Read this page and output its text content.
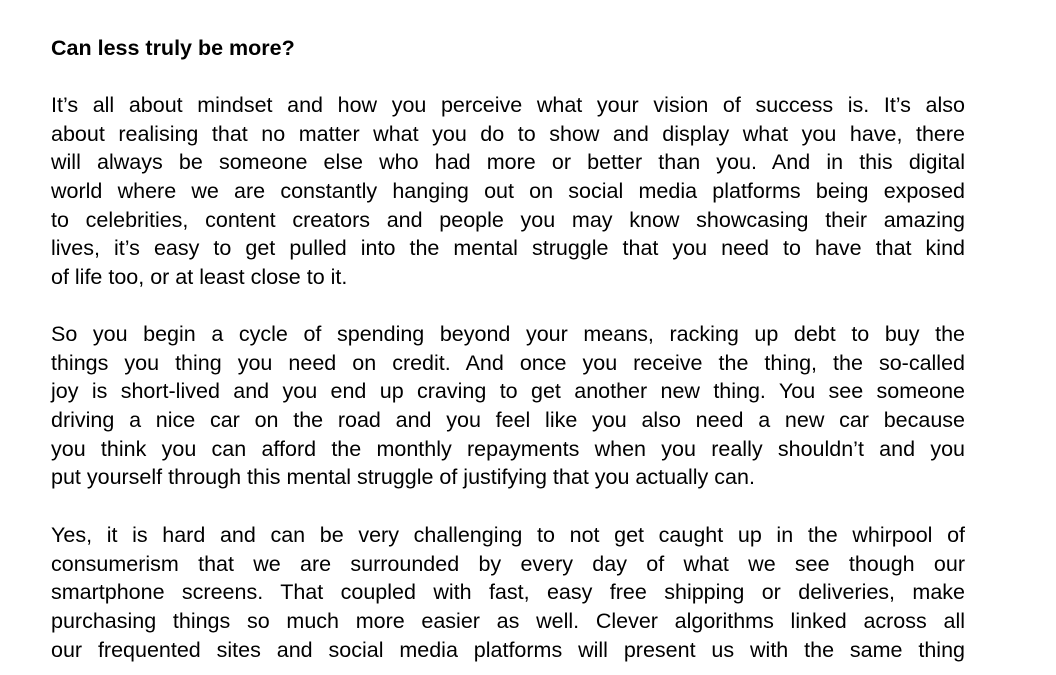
Can less truly be more?

It’s all about mindset and how you perceive what your vision of success is. It’s also
about realising that no matter what you do to show and display what you have, there
will always be someone else who had more or better than you. And in this digital
world where we are constantly hanging out on social media platforms being exposed
to celebrities, content creators and people you may know showcasing their amazing
lives, it’s easy to get pulled into the mental struggle that you need to have that kind
of life too, or at least close to it.

So you begin a cycle of spending beyond your means, racking up debt to buy the
things you thing you need on credit. And once you receive the thing, the so-called
joy is short-lived and you end up craving to get another new thing. You see someone
driving a nice car on the road and you feel like you also need a new car because
you think you can afford the monthly repayments when you really shouldn’t and you
put yourself through this mental struggle of justifying that you actually can.

Yes, it is hard and can be very challenging to not get caught up in the whirpool of
consumerism that we are surrounded by every day of what we see though our
smartphone screens. That coupled with fast, easy free shipping or deliveries, make
purchasing things so much more easier as well. Clever algorithms linked across all
our frequented sites and social media platforms will present us with the same thing
